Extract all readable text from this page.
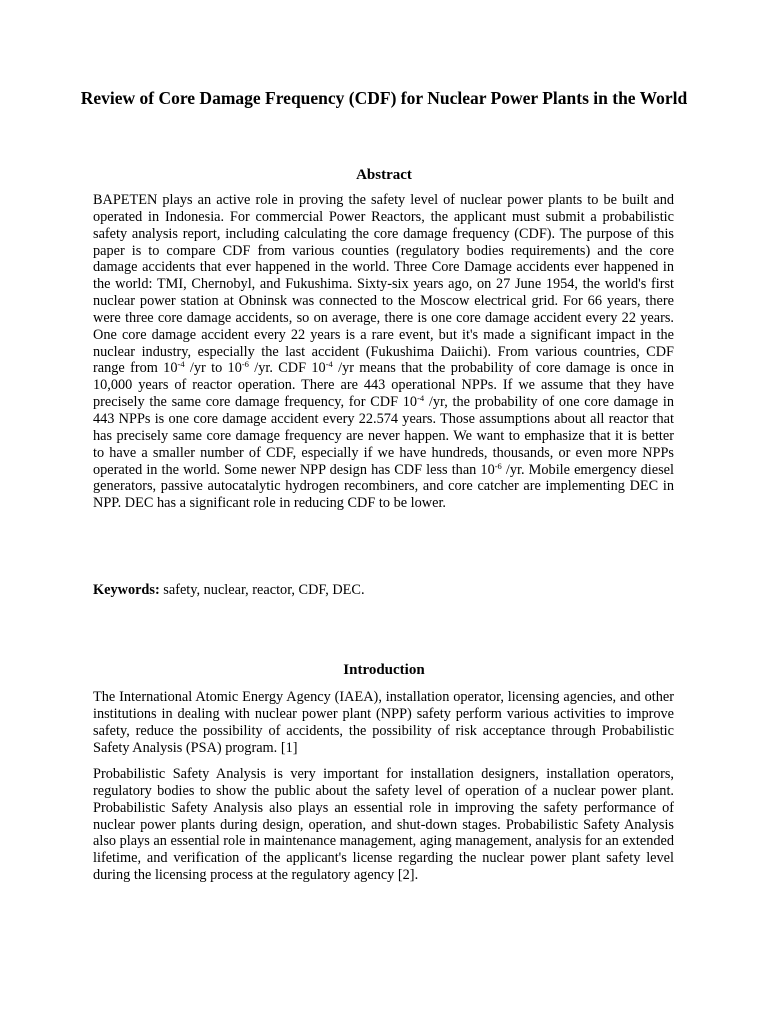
Review of Core Damage Frequency (CDF) for Nuclear Power Plants in the World
Abstract

BAPETEN plays an active role in proving the safety level of nuclear power plants to be built and operated in Indonesia. For commercial Power Reactors, the applicant must submit a probabilistic safety analysis report, including calculating the core damage frequency (CDF). The purpose of this paper is to compare CDF from various counties (regulatory bodies requirements) and the core damage accidents that ever happened in the world. Three Core Damage accidents ever happened in the world: TMI, Chernobyl, and Fukushima. Sixty-six years ago, on 27 June 1954, the world's first nuclear power station at Obninsk was connected to the Moscow electrical grid. For 66 years, there were three core damage accidents, so on average, there is one core damage accident every 22 years. One core damage accident every 22 years is a rare event, but it's made a significant impact in the nuclear industry, especially the last accident (Fukushima Daiichi). From various countries, CDF range from $10^{-4}$ /yr to $10^{-6}$ /yr. CDF $10^{-4}$ /yr means that the probability of core damage is once in 10,000 years of reactor operation. There are 443 operational NPPs. If we assume that they have precisely the same core damage frequency, for CDF $10^{-4}$ /yr, the probability of one core damage in 443 NPPs is one core damage accident every 22.574 years. Those assumptions about all reactor that has precisely same core damage frequency are never happen. We want to emphasize that it is better to have a smaller number of CDF, especially if we have hundreds, thousands, or even more NPPs operated in the world. Some newer NPP design has CDF less than $10^{-6}$ /yr. Mobile emergency diesel generators, passive autocatalytic hydrogen recombiners, and core catcher are implementing DEC in NPP. DEC has a significant role in reducing CDF to be lower.

Keywords: safety, nuclear, reactor, CDF, DEC.

Introduction

The International Atomic Energy Agency (IAEA), installation operator, licensing agencies, and other institutions in dealing with nuclear power plant (NPP) safety perform various activities to improve safety, reduce the possibility of accidents, the possibility of risk acceptance through Probabilistic Safety Analysis (PSA) program. [1]

Probabilistic Safety Analysis is very important for installation designers, installation operators, regulatory bodies to show the public about the safety level of operation of a nuclear power plant. Probabilistic Safety Analysis also plays an essential role in improving the safety performance of nuclear power plants during design, operation, and shut-down stages. Probabilistic Safety Analysis also plays an essential role in maintenance management, aging management, analysis for an extended lifetime, and verification of the applicant's license regarding the nuclear power plant safety level during the licensing process at the regulatory agency [2].
